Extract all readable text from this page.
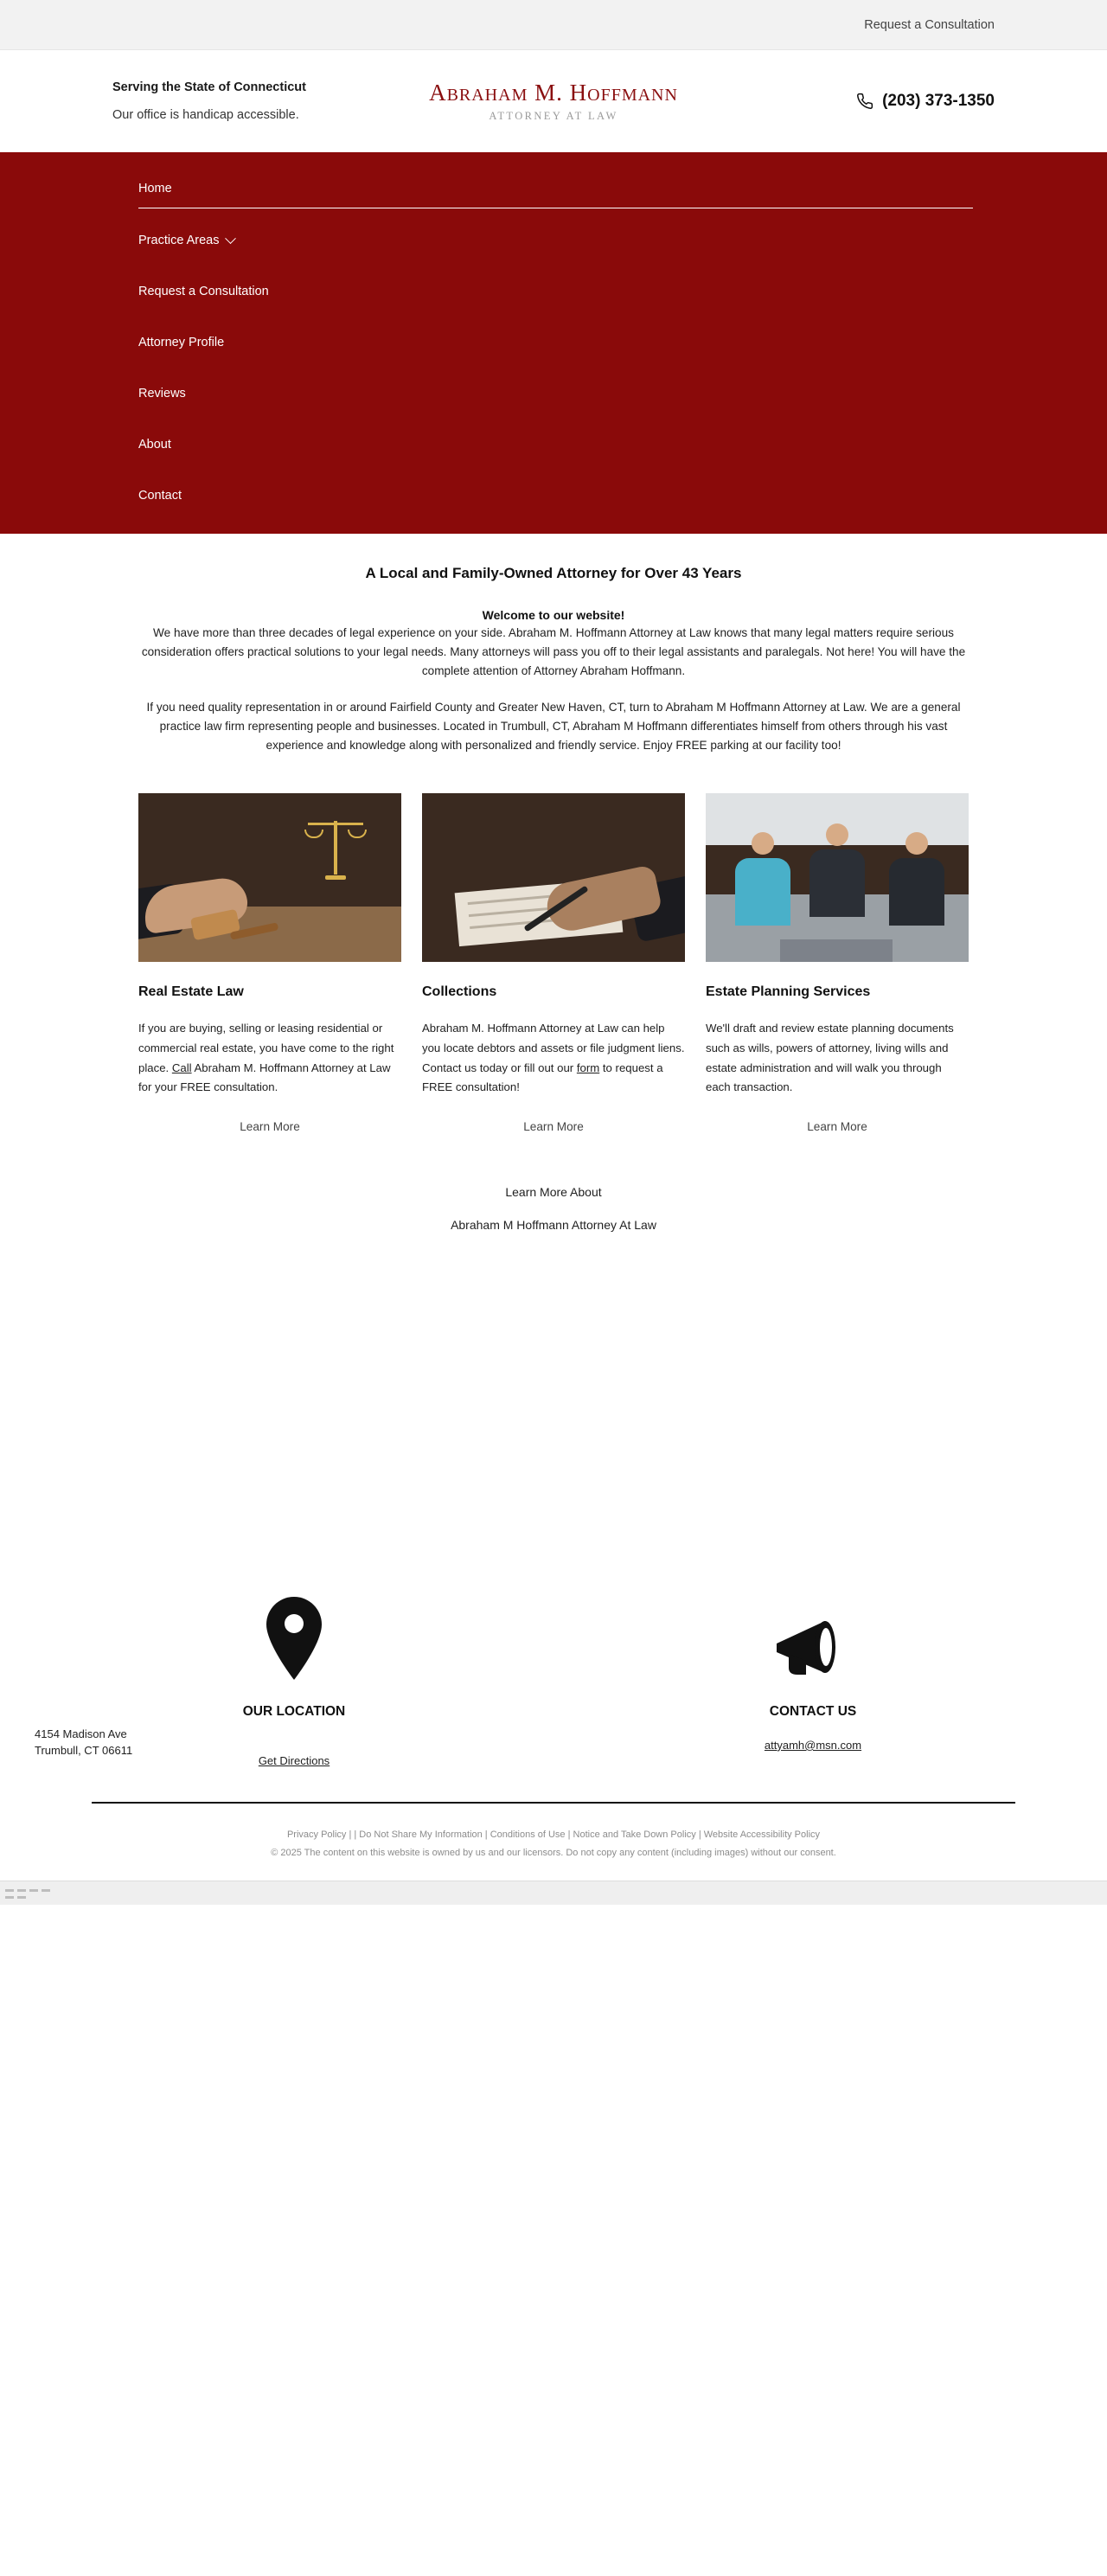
Request a Consultation
Serving the State of Connecticut
Our office is handicap accessible.
ABRAHAM M. HOFFMANN
ATTORNEY AT LAW
(203) 373-1350
Home
Practice Areas
Request a Consultation
Attorney Profile
Reviews
About
Contact
A Local and Family-Owned Attorney for Over 43 Years
Welcome to our website!

We have more than three decades of legal experience on your side. Abraham M. Hoffmann Attorney at Law knows that many legal matters require serious consideration offers practical solutions to your legal needs. Many attorneys will pass you off to their legal assistants and paralegals. Not here! You will have the complete attention of Attorney Abraham Hoffmann.

If you need quality representation in or around Fairfield County and Greater New Haven, CT, turn to Abraham M Hoffmann Attorney at Law. We are a general practice law firm representing people and businesses. Located in Trumbull, CT, Abraham M Hoffmann differentiates himself from others through his vast experience and knowledge along with personalized and friendly service. Enjoy FREE parking at our facility too!

Real Estate Law

If you are buying, selling or leasing residential or commercial real estate, you have come to the right place. Call Abraham M. Hoffmann Attorney at Law for your FREE consultation.

Learn More
Collections

Abraham M. Hoffmann Attorney at Law can help you locate debtors and assets or file judgment liens. Contact us today or fill out our form to request a FREE consultation!

Learn More
Estate Planning Services

We'll draft and review estate planning documents such as wills, powers of attorney, living wills and estate administration and will walk you through each transaction.

Learn More
Learn More About
Abraham M Hoffmann Attorney At Law
OUR LOCATION
4154 Madison Ave
Trumbull, CT 06611
Get Directions
CONTACT US
attyamh@msn.com
Privacy Policy | | Do Not Share My Information | Conditions of Use | Notice and Take Down Policy | Website Accessibility Policy
© 2025 The content on this website is owned by us and our licensors. Do not copy any content (including images) without our consent.
